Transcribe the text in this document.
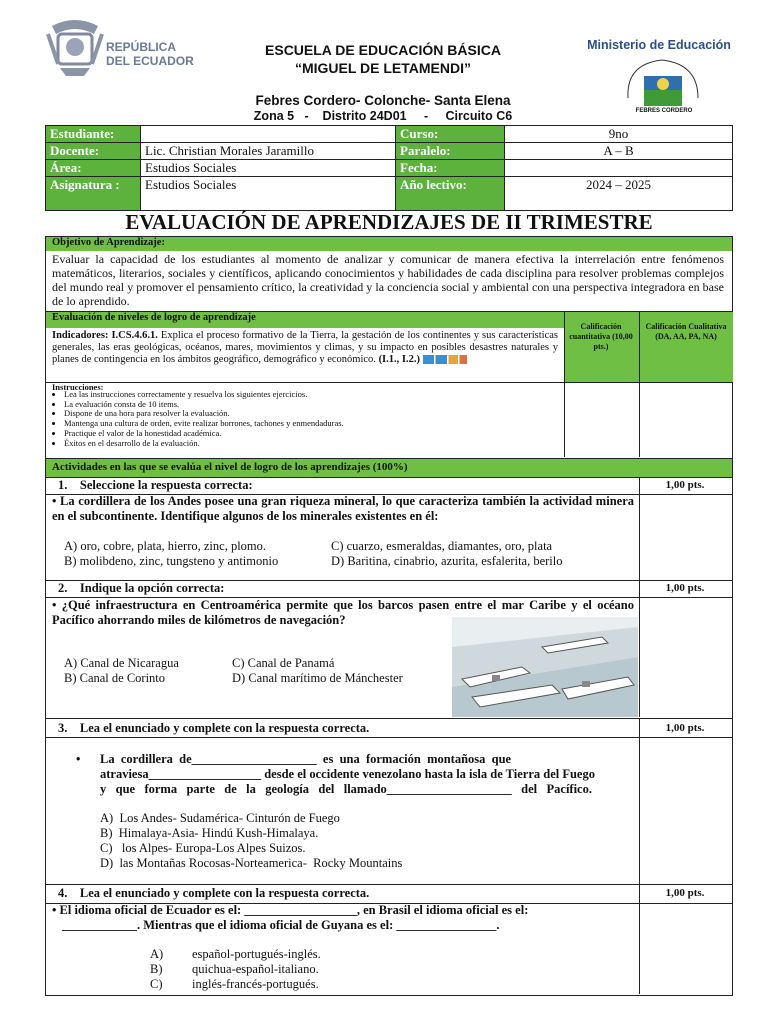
REPÚBLICA
DEL ECUADOR
ESCUELA DE EDUCACIÓN BÁSICA
“MIGUEL DE LETAMENDI”
Ministerio de Educación
FEBRES CORDERO
Febres Cordero- Colonche- Santa Elena
Zona 5   -    Distrito 24D01     -     Circuito C6
Estudiante:		Curso:	9no
Docente:	Lic. Christian Morales Jaramillo	Paralelo:	A – B
Área:	Estudios Sociales	Fecha:	
Asignatura :	Estudios Sociales	Año lectivo:	2024 – 2025
EVALUACIÓN DE APRENDIZAJES DE II TRIMESTRE
Objetivo de Aprendizaje:
Evaluar la capacidad de los estudiantes al momento de analizar y comunicar de manera efectiva la interrelación entre fenómenos matemáticos, literarios, sociales y científicos, aplicando conocimientos y habilidades de cada disciplina para resolver problemas complejos del mundo real y promover el pensamiento crítico, la creatividad y la conciencia social y ambiental con una perspectiva integradora en base de lo aprendido.
Evaluación de niveles de logro de aprendizaje
Calificación cuantitativa (10,00 pts.)
Calificación Cualitativa (DA, AA, PA, NA)
Indicadores: I.CS.4.6.1. Explica el proceso formativo de la Tierra, la gestación de los continentes y sus características generales, las eras geológicas, océanos, mares, movimientos y climas, y su impacto en posibles desastres naturales y planes de contingencia en los ámbitos geográfico, demográfico y económico. (I.1., I.2.)
Instrucciones:
• Lea las instrucciones correctamente y resuelva los siguientes ejercicios.
• La evaluación consta de 10 items.
• Dispone de una hora para resolver la evaluación.
• Mantenga una cultura de orden, evite realizar borrones, tachones y enmendaduras.
• Practique el valor de la honestidad académica.
• Éxitos en el desarrollo de la evaluación.
Actividades en las que se evalúa el nivel de logro de los aprendizajes (100%)
1. Seleccione la respuesta correcta:	1,00 pts.
• La cordillera de los Andes posee una gran riqueza mineral, lo que caracteriza también la actividad minera en el subcontinente. Identifique algunos de los minerales existentes en él:
A) oro, cobre, plata, hierro, zinc, plomo.	C) cuarzo, esmeraldas, diamantes, oro, plata
B) molibdeno, zinc, tungsteno y antimonio	D) Baritina, cinabrio, azurita, esfalerita, berilo
2. Indique la opción correcta:	1,00 pts.
• ¿Qué infraestructura en Centroamérica permite que los barcos pasen entre el mar Caribe y el océano Pacífico ahorrando miles de kilómetros de navegación?
A) Canal de Nicaragua	C) Canal de Panamá
B) Canal de Corinto	D) Canal marítimo de Mánchester
3. Lea el enunciado y complete con la respuesta correcta.	1,00 pts.
• La  cordillera  de____________________  es  una  formación  montañosa  que
atraviesa__________________ desde el occidente venezolano hasta la isla de Tierra del Fuego
y   que   forma   parte   de   la   geología   del   llamado____________________   del   Pacífico.
A)  Los Andes- Sudamérica- Cinturón de Fuego
B)  Himalaya-Asia- Hindú Kush-Himalaya.
C)   los Alpes- Europa-Los Alpes Suizos.
D)  las Montañas Rocosas-Norteamerica-  Rocky Mountains
4. Lea el enunciado y complete con la respuesta correcta.	1,00 pts.
• El idioma oficial de Ecuador es el: __________________, en Brasil el idioma oficial es el:
____________. Mientras que el idioma oficial de Guyana es el: ________________.
A) español-portugués-inglés.
B) quichua-español-italiano.
C) inglés-francés-portugués.
